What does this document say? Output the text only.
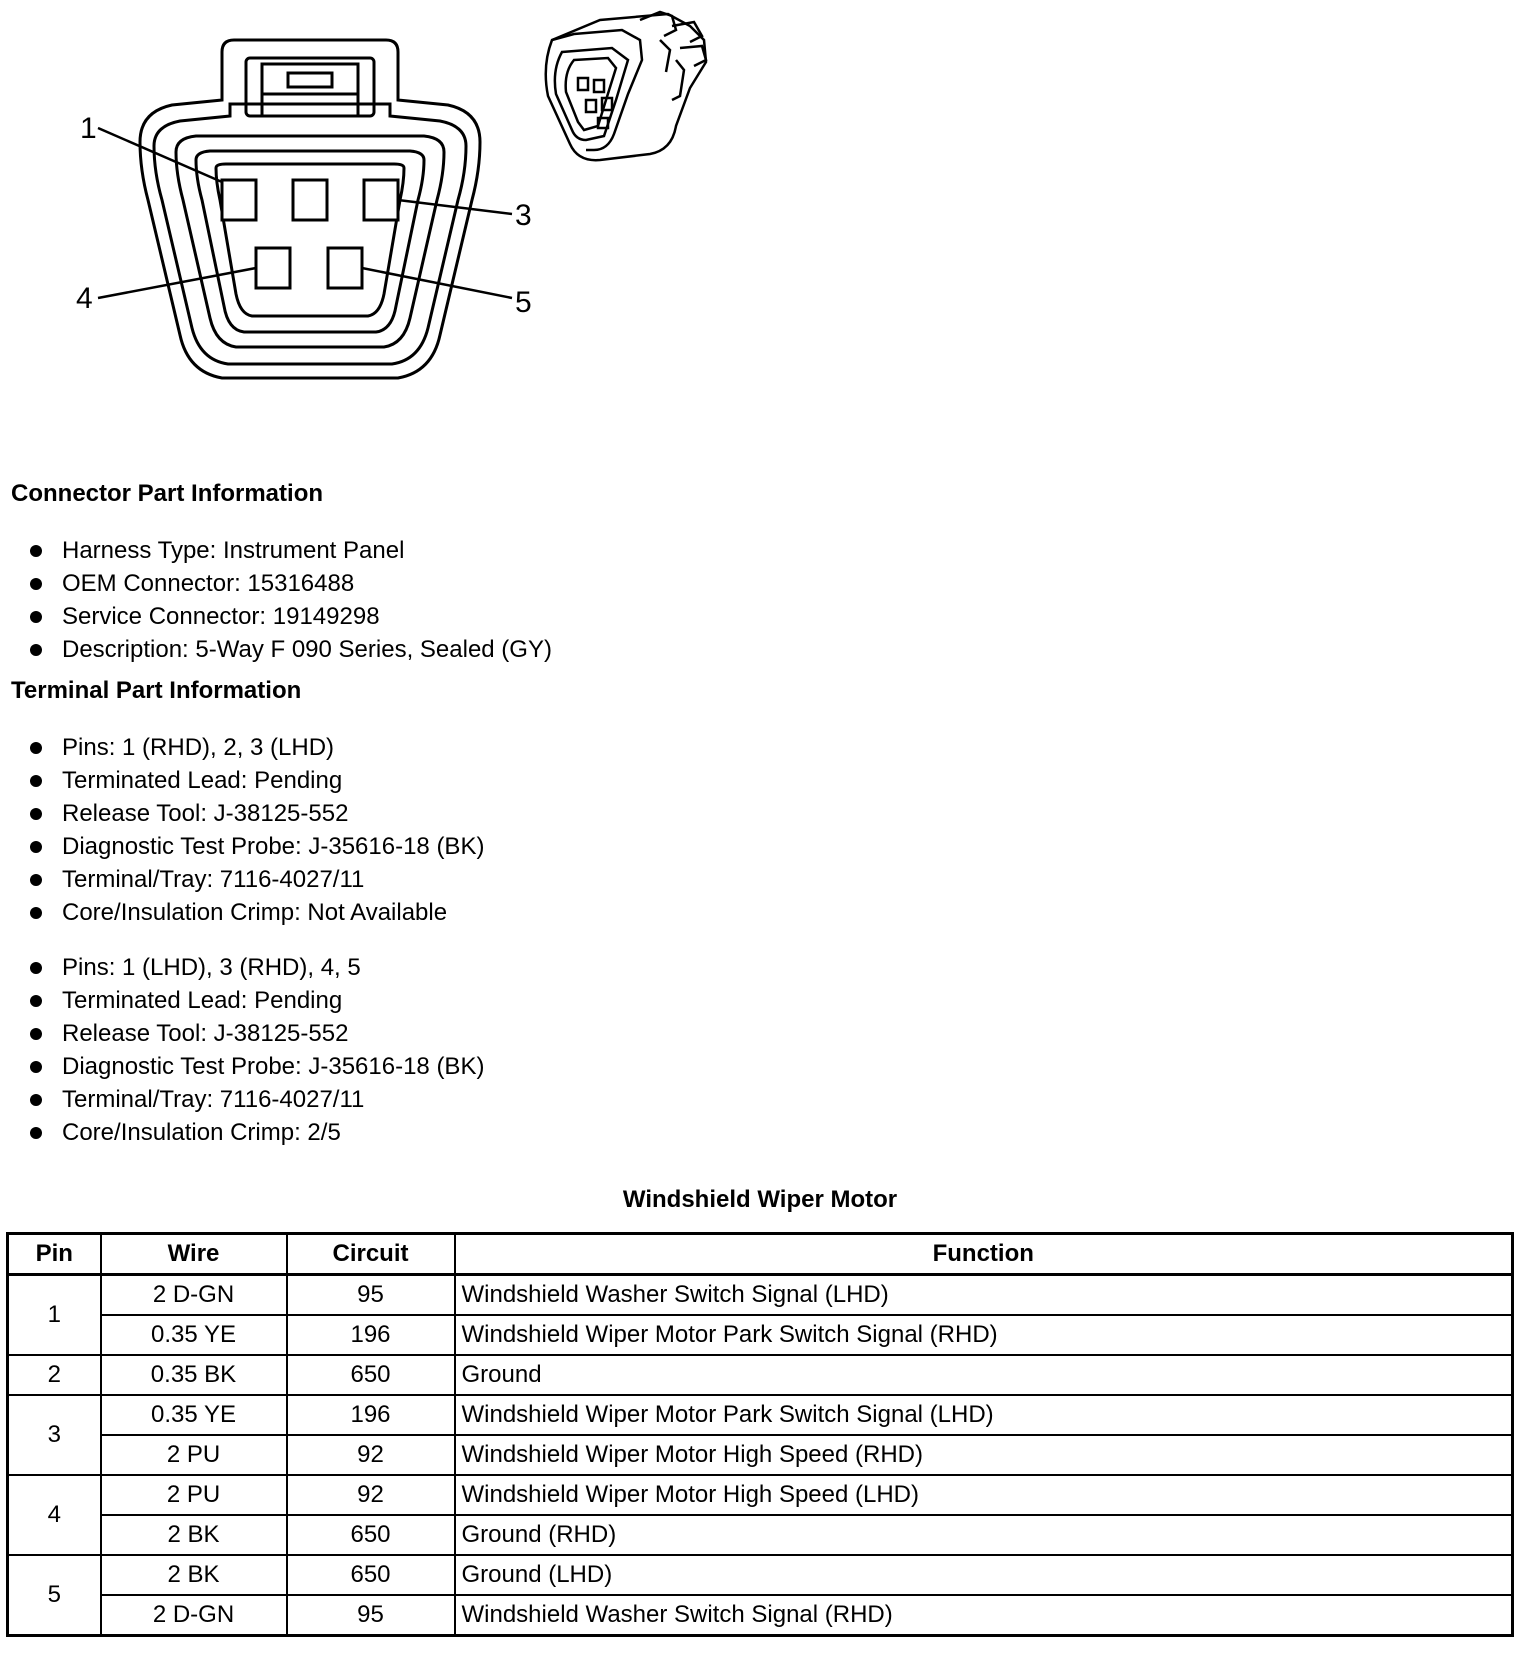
1
3
4	5
Connector Part Information
Harness Type: Instrument Panel
OEM Connector: 15316488
Service Connector: 19149298
Description: 5-Way F 090 Series, Sealed (GY)
Terminal Part Information
Pins: 1 (RHD), 2, 3 (LHD)
Terminated Lead: Pending
Release Tool: J-38125-552
Diagnostic Test Probe: J-35616-18 (BK)
Terminal/Tray: 7116-4027/11
Core/Insulation Crimp: Not Available
Pins: 1 (LHD), 3 (RHD), 4, 5
Terminated Lead: Pending
Release Tool: J-38125-552
Diagnostic Test Probe: J-35616-18 (BK)
Terminal/Tray: 7116-4027/11
Core/Insulation Crimp: 2/5
Windshield Wiper Motor
Pin	Wire	Circuit	Function
1	2 D-GN	95	Windshield Washer Switch Signal (LHD)
	0.35 YE	196	Windshield Wiper Motor Park Switch Signal (RHD)
2	0.35 BK	650	Ground
3	0.35 YE	196	Windshield Wiper Motor Park Switch Signal (LHD)
	2 PU	92	Windshield Wiper Motor High Speed (RHD)
4	2 PU	92	Windshield Wiper Motor High Speed (LHD)
	2 BK	650	Ground (RHD)
5	2 BK	650	Ground (LHD)
	2 D-GN	95	Windshield Washer Switch Signal (RHD)
